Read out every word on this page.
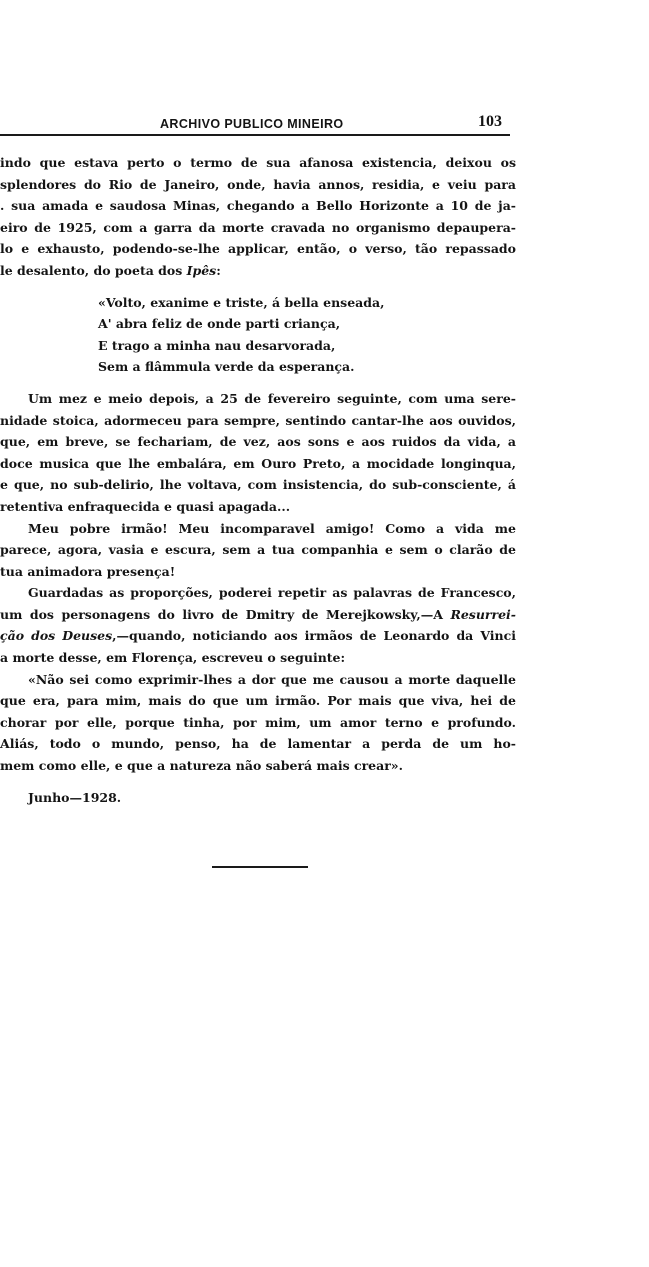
ARCHIVO PUBLICO MINEIRO	103
indo que estava perto o termo de sua afanosa existencia, deixou os
splendores do Rio de Janeiro, onde, havia annos, residia, e veiu para
. sua amada e saudosa Minas, chegando a Bello Horizonte a 10 de ja-
eiro de 1925, com a garra da morte cravada no organismo depaupera-
lo e exhausto, podendo-se-lhe applicar, então, o verso, tão repassado
le desalento, do poeta dos Ipês:
«Volto, exanime e triste, á bella enseada,
A' abra feliz de onde parti criança,
E trago a minha nau desarvorada,
Sem a flâmmula verde da esperança.
Um mez e meio depois, a 25 de fevereiro seguinte, com uma sere-
nidade stoica, adormeceu para sempre, sentindo cantar-lhe aos ouvidos,
que, em breve, se fechariam, de vez, aos sons e aos ruidos da vida, a
doce musica que lhe embalára, em Ouro Preto, a mocidade longinqua,
e que, no sub-delirio, lhe voltava, com insistencia, do sub-consciente, á
retentiva enfraquecida e quasi apagada...
Meu pobre irmão! Meu incomparavel amigo! Como a vida me
parece, agora, vasia e escura, sem a tua companhia e sem o clarão de
tua animadora presença!
Guardadas as proporções, poderei repetir as palavras de Francesco,
um dos personagens do livro de Dmitry de Merejkowsky,—A Resurrei-
ção dos Deuses,—quando, noticiando aos irmãos de Leonardo da Vinci
a morte desse, em Florença, escreveu o seguinte:
«Não sei como exprimir-lhes a dor que me causou a morte daquelle
que era, para mim, mais do que um irmão. Por mais que viva, hei de
chorar por elle, porque tinha, por mim, um amor terno e profundo.
Aliás, todo o mundo, penso, ha de lamentar a perda de um ho-
mem como elle, e que a natureza não saberá mais crear».
Junho—1928.
